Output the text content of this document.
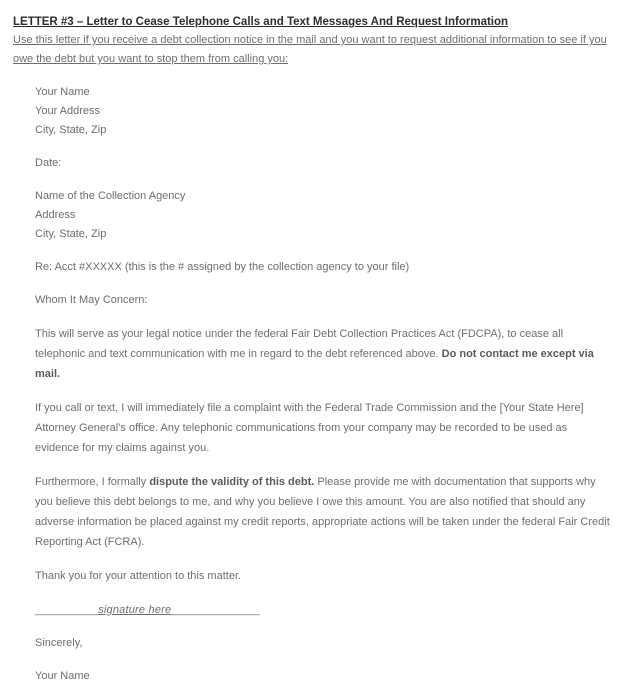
LETTER #3 – Letter to Cease Telephone Calls and Text Messages And Request Information

Use this letter if you receive a debt collection notice in the mail and you want to request additional information to see if you owe the debt but you want to stop them from calling you:

Your Name

Your Address

City, State, Zip

Date:

Name of the Collection Agency

Address

City, State, Zip

Re: Acct #XXXXX (this is the # assigned by the collection agency to your file)

Whom It May Concern:

This will serve as your legal notice under the federal Fair Debt Collection Practices Act (FDCPA), to cease all telephonic and text communication with me in regard to the debt referenced above. Do not contact me except via mail.

If you call or text, I will immediately file a complaint with the Federal Trade Commission and the [Your State Here] Attorney General’s office. Any telephonic communications from your company may be recorded to be used as evidence for my claims against you.

Furthermore, I formally dispute the validity of this debt. Please provide me with documentation that supports why you believe this debt belongs to me, and why you believe I owe this amount. You are also notified that should any adverse information be placed against my credit reports, appropriate actions will be taken under the federal Fair Credit Reporting Act (FCRA).

Thank you for your attention to this matter.

__________signature here______________

Sincerely,

Your Name
